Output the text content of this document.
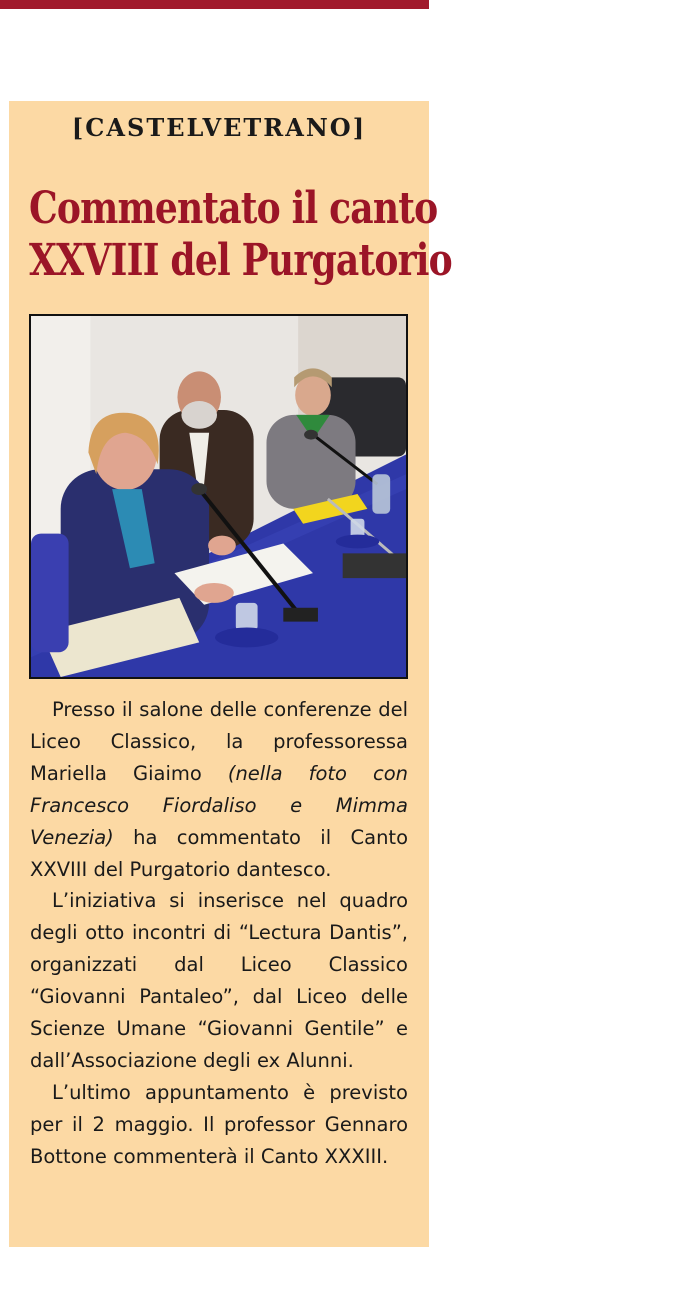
[CASTELVETRANO]
Commentato il canto
XXVIII del Purgatorio

Presso il salone delle conferenze del Liceo Classico, la professoressa Mariella Giaimo (nella foto con Francesco Fiordaliso e Mimma Venezia) ha commentato il Canto XXVIII del Purgatorio dantesco.

L’iniziativa si inserisce nel quadro degli otto incontri di “Lectura Dantis”, organizzati dal Liceo Classico “Giovanni Pantaleo”, dal Liceo delle Scienze Umane “Giovanni Gentile” e dall’Associazione degli ex Alunni.

L’ultimo appuntamento è previsto per il 2 maggio. Il professor Gennaro Bottone commenterà il Canto XXXIII.
